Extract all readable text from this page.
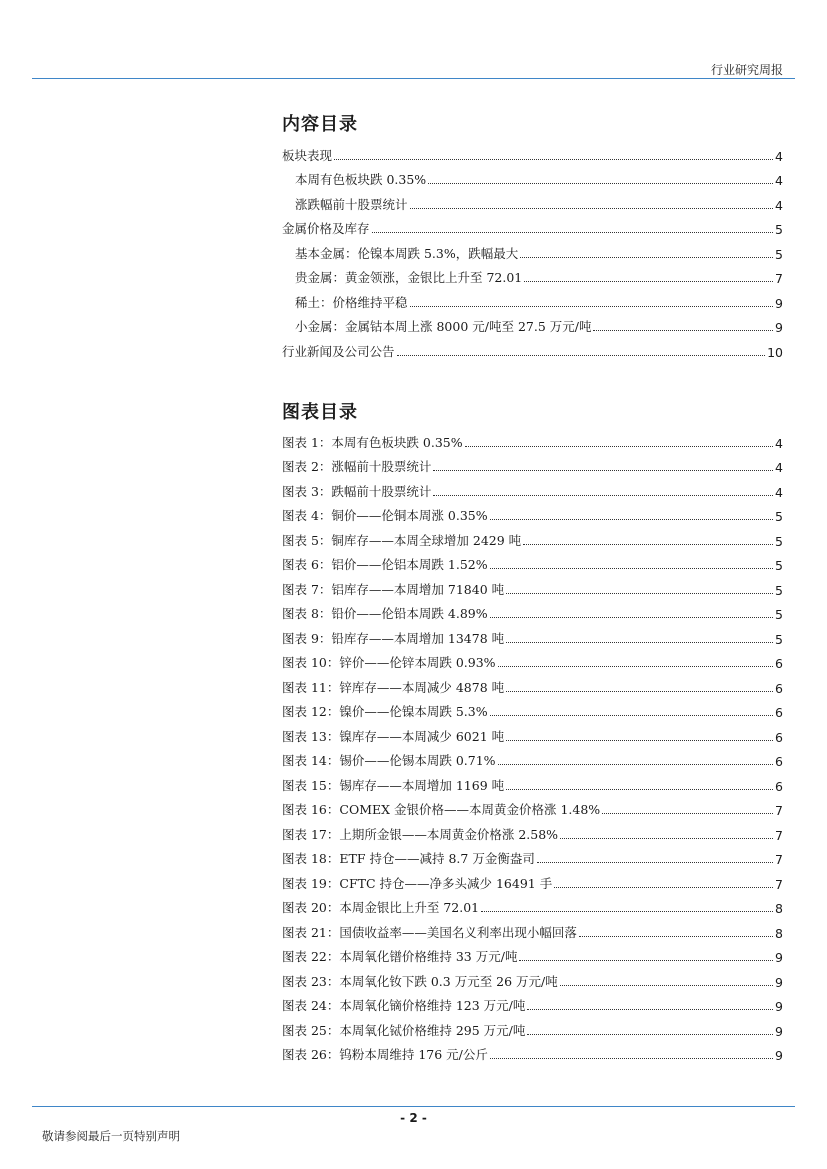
行业研究周报
内容目录
板块表现	4
本周有色板块跌 0.35%	4
涨跌幅前十股票统计	4
金属价格及库存	5
基本金属：伦镍本周跌 5.3%，跌幅最大	5
贵金属：黄金领涨，金银比上升至 72.01	7
稀土：价格维持平稳	9
小金属：金属钴本周上涨 8000 元/吨至 27.5 万元/吨	9
行业新闻及公司公告	10
图表目录
图表 1：本周有色板块跌 0.35%	4
图表 2：涨幅前十股票统计	4
图表 3：跌幅前十股票统计	4
图表 4：铜价——伦铜本周涨 0.35%	5
图表 5：铜库存——本周全球增加 2429 吨	5
图表 6：铝价——伦铝本周跌 1.52%	5
图表 7：铝库存——本周增加 71840 吨	5
图表 8：铅价——伦铅本周跌 4.89%	5
图表 9：铅库存——本周增加 13478 吨	5
图表 10：锌价——伦锌本周跌 0.93%	6
图表 11：锌库存——本周减少 4878 吨	6
图表 12：镍价——伦镍本周跌 5.3%	6
图表 13：镍库存——本周减少 6021 吨	6
图表 14：锡价——伦锡本周跌 0.71%	6
图表 15：锡库存——本周增加 1169 吨	6
图表 16：COMEX 金银价格——本周黄金价格涨 1.48%	7
图表 17：上期所金银——本周黄金价格涨 2.58%	7
图表 18：ETF 持仓——减持 8.7 万金衡盎司	7
图表 19：CFTC 持仓——净多头减少 16491 手	7
图表 20：本周金银比上升至 72.01	8
图表 21：国债收益率——美国名义利率出现小幅回落	8
图表 22：本周氧化镨价格维持 33 万元/吨	9
图表 23：本周氧化钕下跌 0.3 万元至 26 万元/吨	9
图表 24：本周氧化镝价格维持 123 万元/吨	9
图表 25：本周氧化铽价格维持 295 万元/吨	9
图表 26：钨粉本周维持 176 元/公斤	9
- 2 -
敬请参阅最后一页特别声明
